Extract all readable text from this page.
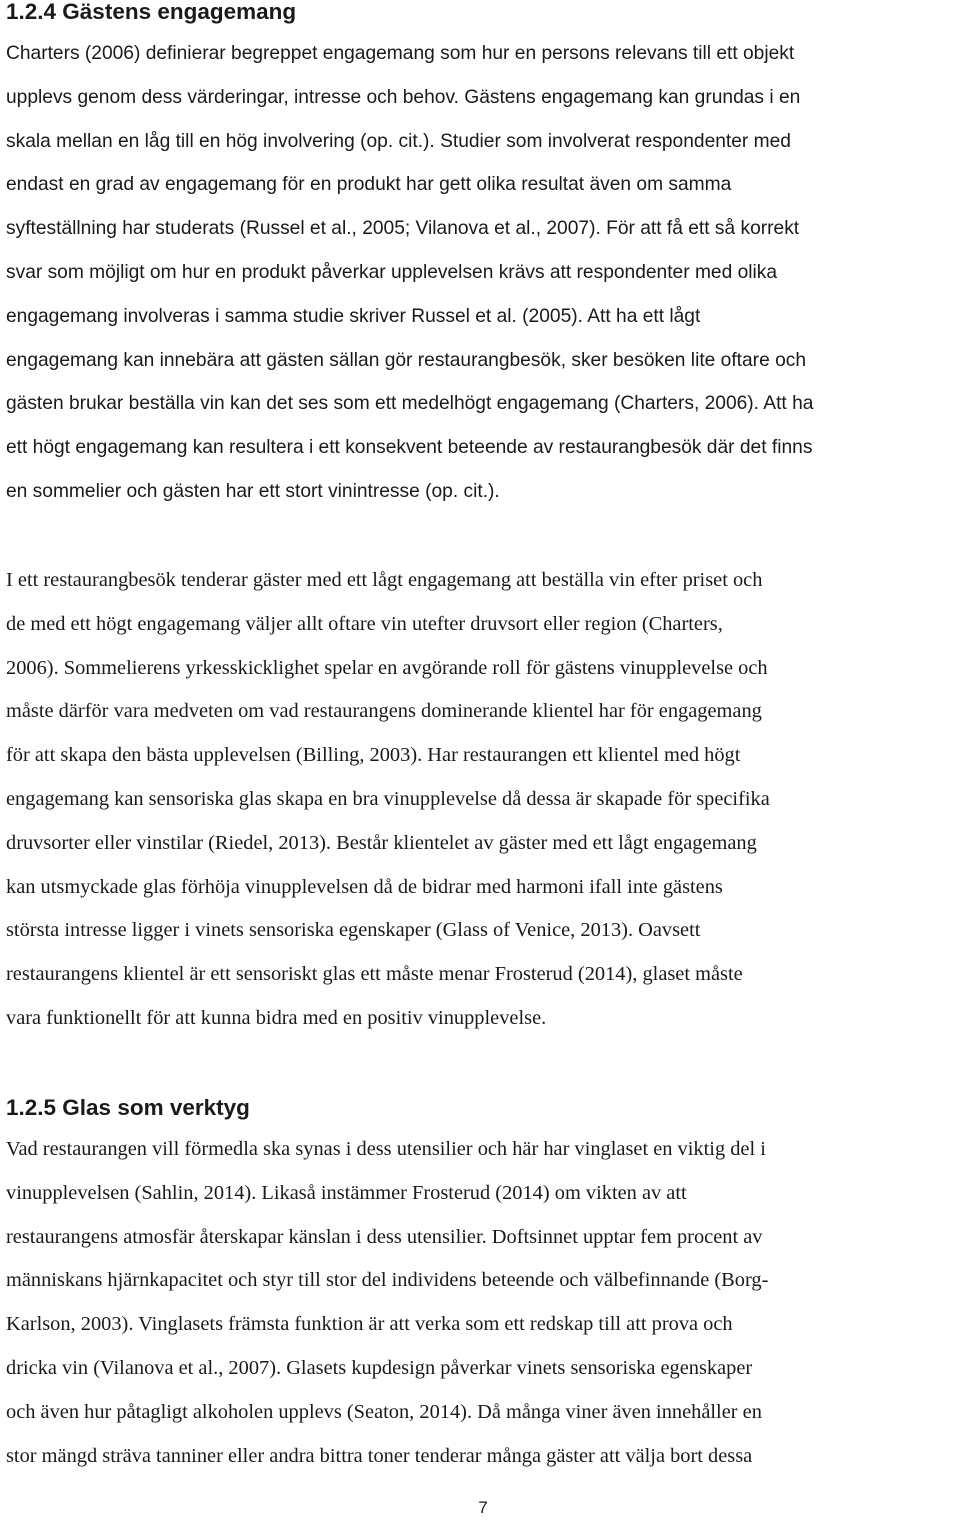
1.2.4 Gästens engagemang
Charters (2006) definierar begreppet engagemang som hur en persons relevans till ett objekt
upplevs genom dess värderingar, intresse och behov. Gästens engagemang kan grundas i en
skala mellan en låg till en hög involvering (op. cit.). Studier som involverat respondenter med
endast en grad av engagemang för en produkt har gett olika resultat även om samma
syfteställning har studerats (Russel et al., 2005; Vilanova et al., 2007). För att få ett så korrekt
svar som möjligt om hur en produkt påverkar upplevelsen krävs att respondenter med olika
engagemang involveras i samma studie skriver Russel et al. (2005). Att ha ett lågt
engagemang kan innebära att gästen sällan gör restaurangbesök, sker besöken lite oftare och
gästen brukar beställa vin kan det ses som ett medelhögt engagemang (Charters, 2006). Att ha
ett högt engagemang kan resultera i ett konsekvent beteende av restaurangbesök där det finns
en sommelier och gästen har ett stort vinintresse (op. cit.).
I ett restaurangbesök tenderar gäster med ett lågt engagemang att beställa vin efter priset och
de med ett högt engagemang väljer allt oftare vin utefter druvsort eller region (Charters,
2006). Sommelierens yrkesskicklighet spelar en avgörande roll för gästens vinupplevelse och
måste därför vara medveten om vad restaurangens dominerande klientel har för engagemang
för att skapa den bästa upplevelsen (Billing, 2003). Har restaurangen ett klientel med högt
engagemang kan sensoriska glas skapa en bra vinupplevelse då dessa är skapade för specifika
druvsorter eller vinstilar (Riedel, 2013). Består klientelet av gäster med ett lågt engagemang
kan utsmyckade glas förhöja vinupplevelsen då de bidrar med harmoni ifall inte gästens
största intresse ligger i vinets sensoriska egenskaper (Glass of Venice, 2013). Oavsett
restaurangens klientel är ett sensoriskt glas ett måste menar Frosterud (2014), glaset måste
vara funktionellt för att kunna bidra med en positiv vinupplevelse.
1.2.5 Glas som verktyg
Vad restaurangen vill förmedla ska synas i dess utensilier och här har vinglaset en viktig del i
vinupplevelsen (Sahlin, 2014). Likaså instämmer Frosterud (2014) om vikten av att
restaurangens atmosfär återskapar känslan i dess utensilier. Doftsinnet upptar fem procent av
människans hjärnkapacitet och styr till stor del individens beteende och välbefinnande (Borg-
Karlson, 2003). Vinglasets främsta funktion är att verka som ett redskap till att prova och
dricka vin (Vilanova et al., 2007). Glasets kupdesign påverkar vinets sensoriska egenskaper
och även hur påtagligt alkoholen upplevs (Seaton, 2014). Då många viner även innehåller en
stor mängd sträva tanniner eller andra bittra toner tenderar många gäster att välja bort dessa
7
